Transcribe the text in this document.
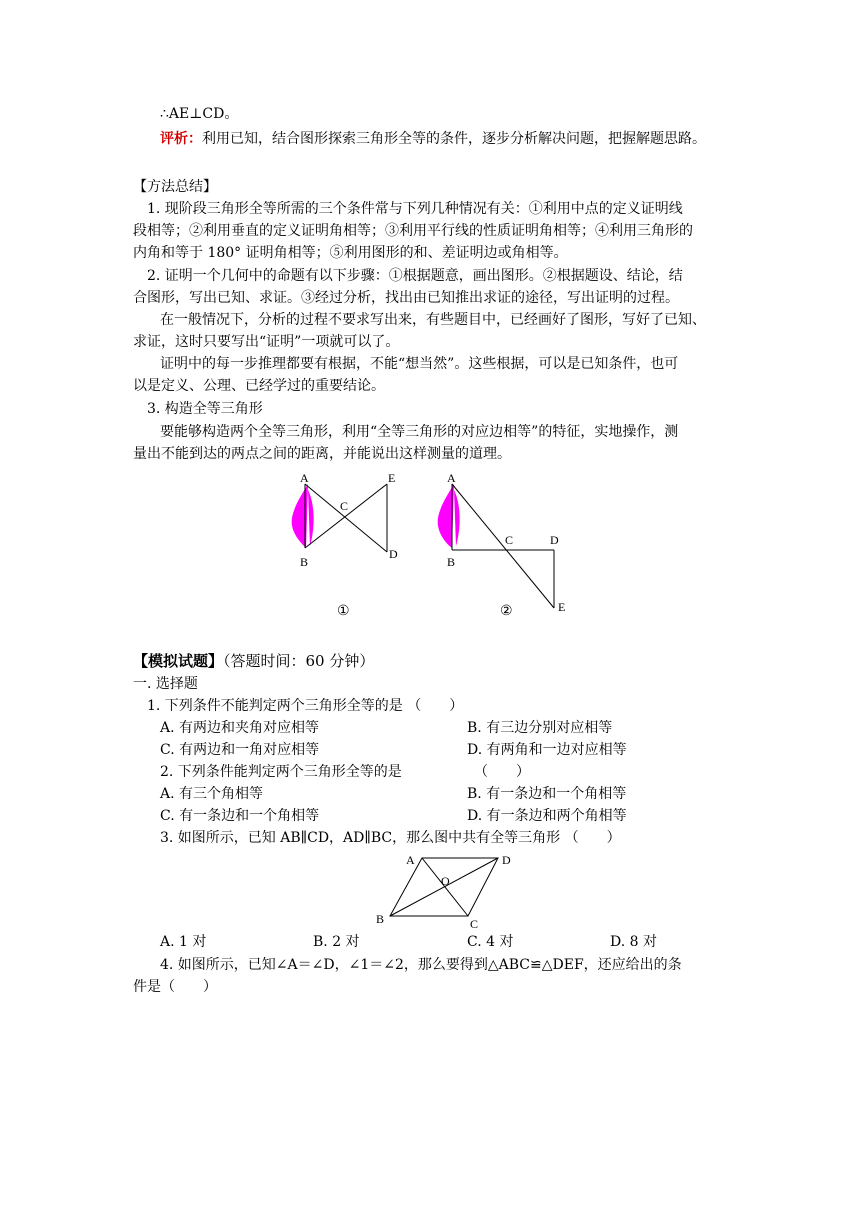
∴AE⊥CD。
评析：利用已知，结合图形探索三角形全等的条件，逐步分析解决问题，把握解题思路。
【方法总结】
1. 现阶段三角形全等所需的三个条件常与下列几种情况有关：①利用中点的定义证明线
段相等；②利用垂直的定义证明角相等；③利用平行线的性质证明角相等；④利用三角形的
内角和等于 180° 证明角相等；⑤利用图形的和、差证明边或角相等。
2. 证明一个几何中的命题有以下步骤：①根据题意，画出图形。②根据题设、结论，结
合图形，写出已知、求证。③经过分析，找出由已知推出求证的途径，写出证明的过程。
在一般情况下，分析的过程不要求写出来，有些题目中，已经画好了图形，写好了已知、
求证，这时只要写出“证明”一项就可以了。
证明中的每一步推理都要有根据，不能“想当然”。这些根据，可以是已知条件，也可
以是定义、公理、已经学过的重要结论。
3. 构造全等三角形
要能够构造两个全等三角形，利用“全等三角形的对应边相等”的特征，实地操作，测
量出不能到达的两点之间的距离，并能说出这样测量的道理。
A
B
C
D
E
①
A
B
C	D
E
②
【模拟试题】（答题时间：60 分钟）
一. 选择题
1. 下列条件不能判定两个三角形全等的是 （　　）
A. 有两边和夹角对应相等	B. 有三边分别对应相等
C. 有两边和一角对应相等	D. 有两角和一边对应相等
2. 下列条件能判定两个三角形全等的是	（　　）
A. 有三个角相等	B. 有一条边和一个角相等
C. 有一条边和一个角相等	D. 有一条边和两个角相等
3. 如图所示，已知 AB∥CD，AD∥BC，那么图中共有全等三角形 （　　）
A
B	C
D
O
A. 1 对	B. 2 对	C. 4 对	D. 8 对
4. 如图所示，已知∠A＝∠D，∠1＝∠2，那么要得到△ABC≌△DEF，还应给出的条
件是（　　）
